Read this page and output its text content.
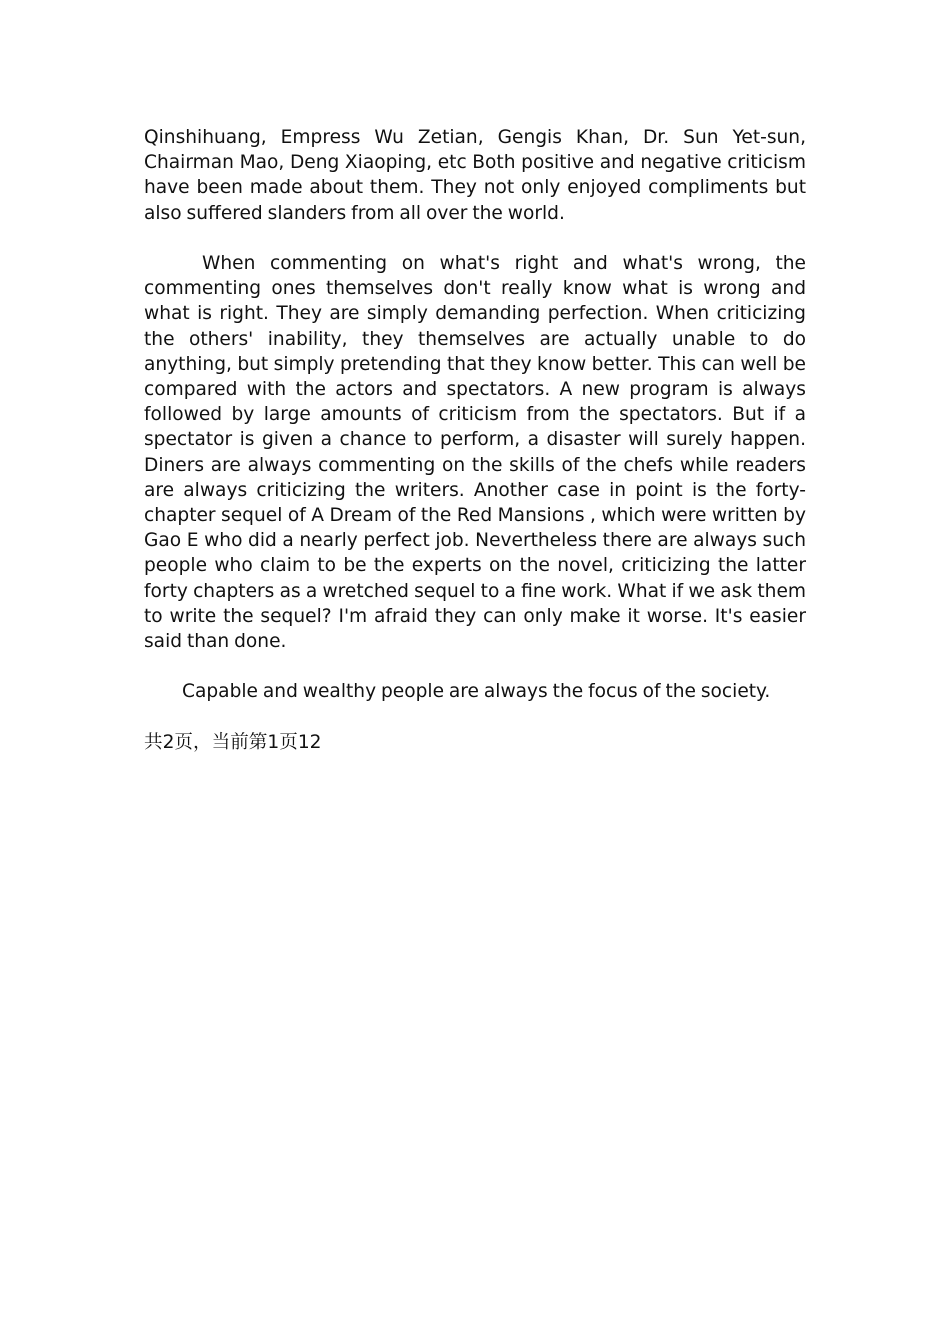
Qinshihuang, Empress Wu Zetian, Gengis Khan, Dr. Sun Yet-sun, Chairman Mao, Deng Xiaoping, etc Both positive and negative criticism have been made about them. They not only enjoyed compliments but also suffered slanders from all over the world.

When commenting on what's right and what's wrong, the commenting ones themselves don't really know what is wrong and what is right. They are simply demanding perfection. When criticizing the others' inability, they themselves are actually unable to do anything, but simply pretending that they know better. This can well be compared with the actors and spectators. A new program is always followed by large amounts of criticism from the spectators. But if a spectator is given a chance to perform, a disaster will surely happen. Diners are always commenting on the skills of the chefs while readers are always criticizing the writers. Another case in point is the forty-chapter sequel of A Dream of the Red Mansions , which were written by Gao E who did a nearly perfect job. Nevertheless there are always such people who claim to be the experts on the novel, criticizing the latter forty chapters as a wretched sequel to a fine work. What if we ask them to write the sequel? I'm afraid they can only make it worse. It's easier said than done.

Capable and wealthy people are always the focus of the society.

共2页，当前第1页12
